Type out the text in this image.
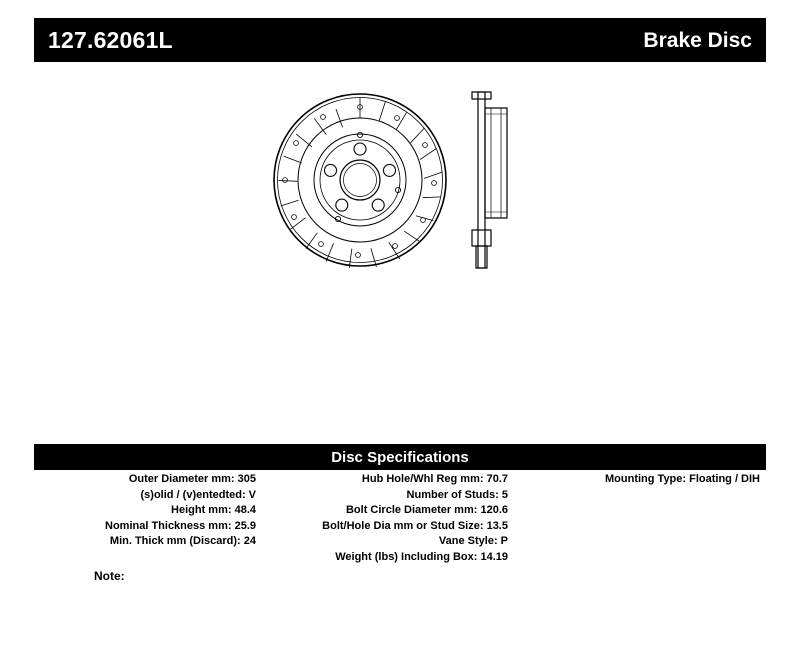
127.62061L	Brake Disc
Disc Specifications
Outer Diameter mm: 305
(s)olid / (v)entedted: V
Height mm: 48.4
Nominal Thickness mm: 25.9
Min. Thick mm (Discard): 24
Hub Hole/Whl Reg mm: 70.7
Number of Studs: 5
Bolt Circle Diameter mm: 120.6
Bolt/Hole Dia mm or Stud Size: 13.5
Vane Style: P
Weight (lbs) Including Box: 14.19
Mounting Type: Floating / DIH
Note:
